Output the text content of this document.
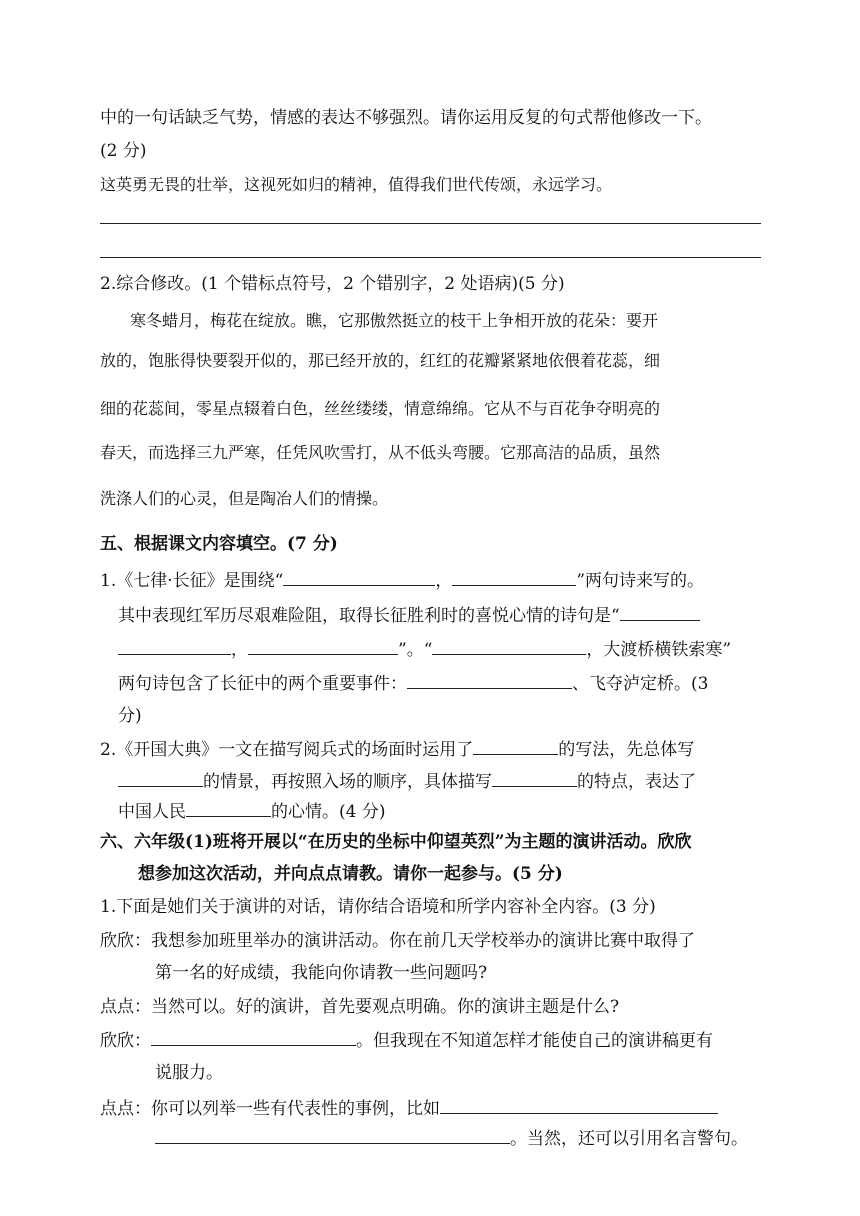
中的一句话缺乏气势，情感的表达不够强烈。请你运用反复的句式帮他修改一下。
(2 分)
这英勇无畏的壮举，这视死如归的精神，值得我们世代传颂，永远学习。
2.综合修改。(1 个错标点符号，2 个错别字，2 处语病)(5 分)
寒冬蜡月，梅花在绽放。瞧，它那傲然挺立的枝干上争相开放的花朵：要开
放的，饱胀得快要裂开似的，那已经开放的，红红的花瓣紧紧地依偎着花蕊，细
细的花蕊间，零星点辍着白色，丝丝缕缕，情意绵绵。它从不与百花争夺明亮的
春天，而选择三九严寒，任凭风吹雪打，从不低头弯腰。它那高洁的品质，虽然
洗涤人们的心灵，但是陶冶人们的情操。
五、根据课文内容填空。(7 分)
1.《七律·长征》是围绕“	，	”两句诗来写的。
其中表现红军历尽艰难险阻，取得长征胜利时的喜悦心情的诗句是“
，	”。“	，大渡桥横铁索寒”
两句诗包含了长征中的两个重要事件：	、飞夺泸定桥。(3
分)
2.《开国大典》一文在描写阅兵式的场面时运用了	的写法，先总体写
的情景，再按照入场的顺序，具体描写	的特点，表达了
中国人民	的心情。(4 分)
六、六年级(1)班将开展以“在历史的坐标中仰望英烈”为主题的演讲活动。欣欣
想参加这次活动，并向点点请教。请你一起参与。(5 分)
1.下面是她们关于演讲的对话，请你结合语境和所学内容补全内容。(3 分)
欣欣：我想参加班里举办的演讲活动。你在前几天学校举办的演讲比赛中取得了
第一名的好成绩，我能向你请教一些问题吗?
点点：当然可以。好的演讲，首先要观点明确。你的演讲主题是什么?
欣欣：	。但我现在不知道怎样才能使自己的演讲稿更有
说服力。
点点：你可以列举一些有代表性的事例，比如
。当然，还可以引用名言警句。
